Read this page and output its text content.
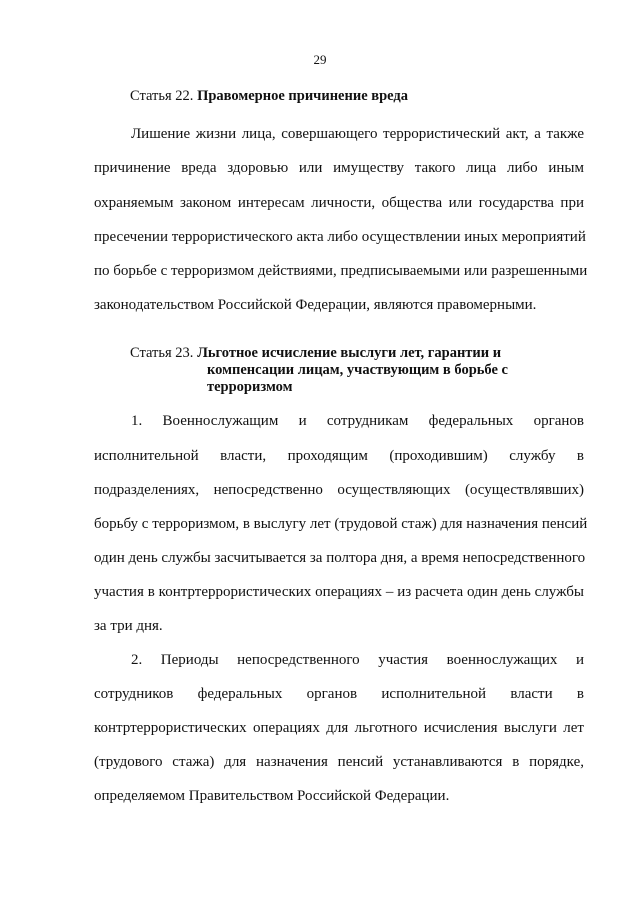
29
Статья 22. Правомерное причинение вреда
Лишение жизни лица, совершающего террористический акт, а также
причинение вреда здоровью или имуществу такого лица либо иным
охраняемым законом интересам личности, общества или государства при
пресечении террористического акта либо осуществлении иных мероприятий
по борьбе с терроризмом действиями, предписываемыми или разрешенными
законодательством Российской Федерации, являются правомерными.
Статья 23. Льготное исчисление выслуги лет, гарантии и
компенсации лицам, участвующим в борьбе с
терроризмом
1. Военнослужащим и сотрудникам федеральных органов
исполнительной власти, проходящим (проходившим) службу в
подразделениях, непосредственно осуществляющих (осуществлявших)
борьбу с терроризмом, в выслугу лет (трудовой стаж) для назначения пенсий
один день службы засчитывается за полтора дня, а время непосредственного
участия в контртеррористических операциях – из расчета один день службы
за три дня.
2. Периоды непосредственного участия военнослужащих и
сотрудников федеральных органов исполнительной власти в
контртеррористических операциях для льготного исчисления выслуги лет
(трудового стажа) для назначения пенсий устанавливаются в порядке,
определяемом Правительством Российской Федерации.
